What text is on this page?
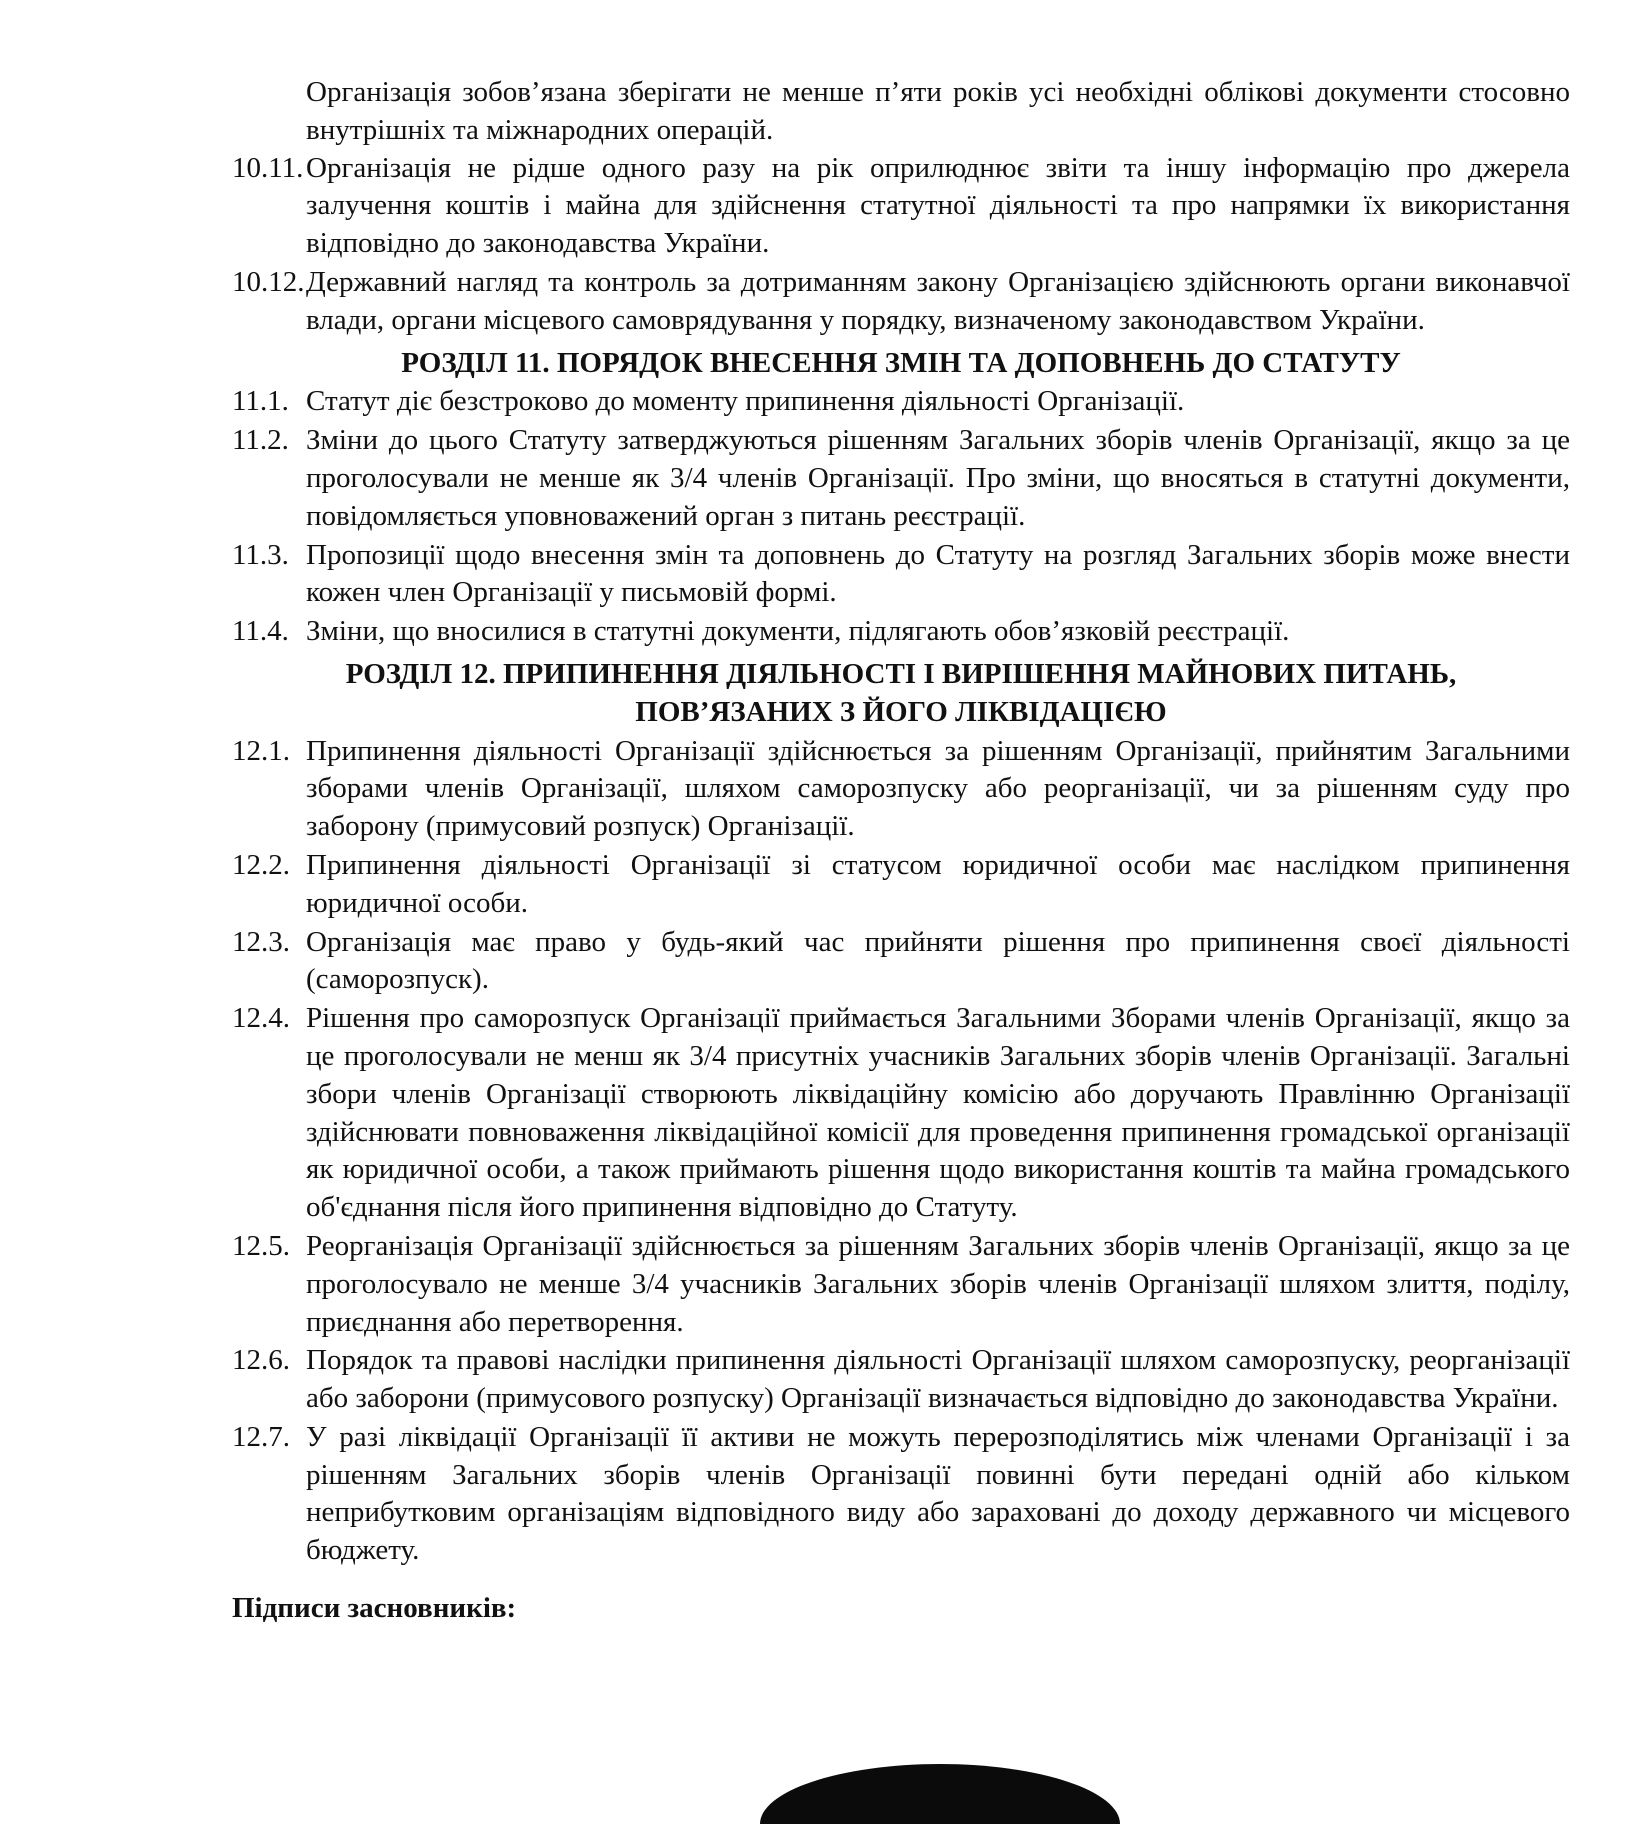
Організація зобов’язана зберігати не менше п’яти років усі необхідні облікові документи стосовно внутрішніх та міжнародних операцій.
10.11. Організація не рідше одного разу на рік оприлюднює звіти та іншу інформацію про джерела залучення коштів і майна для здійснення статутної діяльності та про напрямки їх використання відповідно до законодавства України.
10.12. Державний нагляд та контроль за дотриманням закону Організацією здійснюють органи виконавчої влади, органи місцевого самоврядування у порядку, визначеному законодавством України.
РОЗДІЛ 11. ПОРЯДОК ВНЕСЕННЯ ЗМІН ТА ДОПОВНЕНЬ ДО СТАТУТУ
11.1. Статут діє безстроково до моменту припинення діяльності Організації.
11.2. Зміни до цього Статуту затверджуються рішенням Загальних зборів членів Організації, якщо за це проголосували не менше як 3/4 членів Організації. Про зміни, що вносяться в статутні документи, повідомляється уповноважений орган з питань реєстрації.
11.3. Пропозиції щодо внесення змін та доповнень до Статуту на розгляд Загальних зборів може внести кожен член Організації у письмовій формі.
11.4. Зміни, що вносилися в статутні документи, підлягають обов’язковій реєстрації.
РОЗДІЛ 12. ПРИПИНЕННЯ ДІЯЛЬНОСТІ І ВИРІШЕННЯ МАЙНОВИХ ПИТАНЬ,
ПОВ’ЯЗАНИХ З ЙОГО ЛІКВІДАЦІЄЮ
12.1. Припинення діяльності Організації здійснюється за рішенням Організації, прийнятим Загальними зборами членів Організації, шляхом саморозпуску або реорганізації, чи за рішенням суду про заборону (примусовий розпуск) Організації.
12.2. Припинення діяльності Організації зі статусом юридичної особи має наслідком припинення юридичної особи.
12.3. Організація має право у будь-який час прийняти рішення про припинення своєї діяльності (саморозпуск).
12.4. Рішення про саморозпуск Організації приймається Загальними Зборами членів Організації, якщо за це проголосували не менш як 3/4 присутніх учасників Загальних зборів членів Організації. Загальні збори членів Організації створюють ліквідаційну комісію або доручають Правлінню Організації здійснювати повноваження ліквідаційної комісії для проведення припинення громадської організації як юридичної особи, а також приймають рішення щодо використання коштів та майна громадського об'єднання після його припинення відповідно до Статуту.
12.5. Реорганізація Організації здійснюється за рішенням Загальних зборів членів Організації, якщо за це проголосувало не менше 3/4 учасників Загальних зборів членів Організації шляхом злиття, поділу, приєднання або перетворення.
12.6. Порядок та правові наслідки припинення діяльності Організації шляхом саморозпуску, реорганізації або заборони (примусового розпуску) Організації визначається відповідно до законодавства України.
12.7. У разі ліквідації Організації її активи не можуть перерозподілятись між членами Організації і за рішенням Загальних зборів членів Організації повинні бути передані одній або кільком неприбутковим організаціям відповідного виду або зараховані до доходу державного чи місцевого бюджету.
Підписи засновників:
